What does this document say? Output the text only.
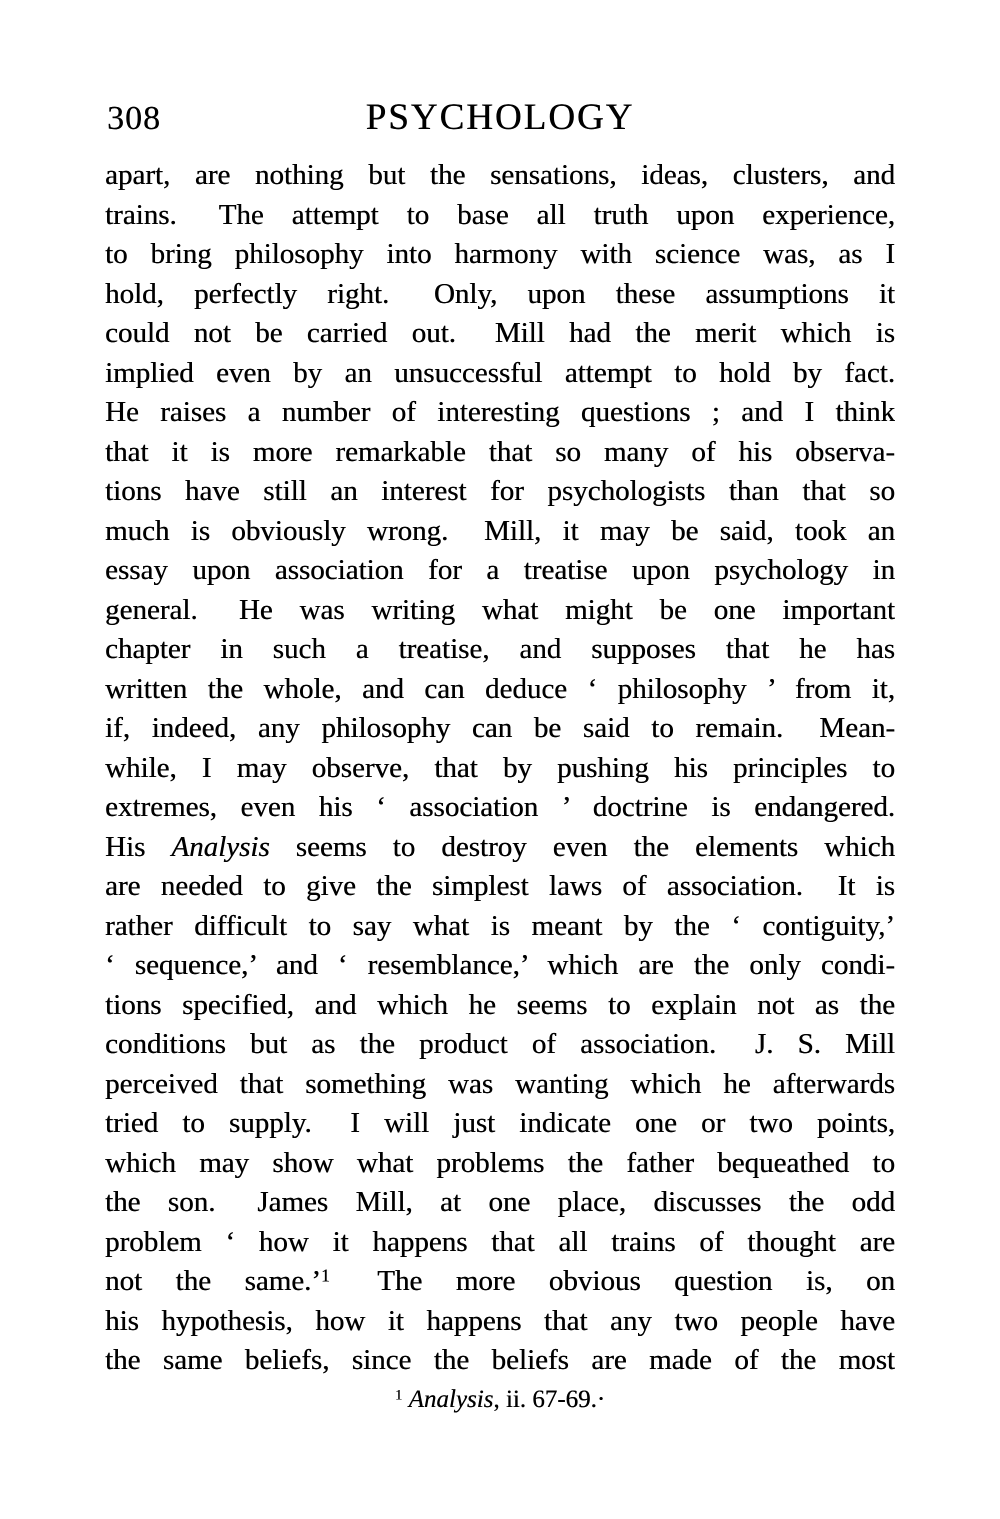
308	PSYCHOLOGY
apart, are nothing but the sensations, ideas, clusters, and
trains.  The attempt to base all truth upon experience,
to bring philosophy into harmony with science was, as I
hold, perfectly right.  Only, upon these assumptions it
could not be carried out.  Mill had the merit which is
implied even by an unsuccessful attempt to hold by fact.
He raises a number of interesting questions ; and I think
that it is more remarkable that so many of his observa-
tions have still an interest for psychologists than that so
much is obviously wrong.  Mill, it may be said, took an
essay upon association for a treatise upon psychology in
general.  He was writing what might be one important
chapter in such a treatise, and supposes that he has
written the whole, and can deduce ‘ philosophy ’ from it,
if, indeed, any philosophy can be said to remain.  Mean-
while, I may observe, that by pushing his principles to
extremes, even his ‘ association ’ doctrine is endangered.
His Analysis seems to destroy even the elements which
are needed to give the simplest laws of association.  It is
rather difficult to say what is meant by the ‘ contiguity,’
‘ sequence,’ and ‘ resemblance,’ which are the only condi-
tions specified, and which he seems to explain not as the
conditions but as the product of association.  J. S. Mill
perceived that something was wanting which he afterwards
tried to supply.  I will just indicate one or two points,
which may show what problems the father bequeathed to
the son.  James Mill, at one place, discusses the odd
problem ‘ how it happens that all trains of thought are
not the same.’$^1$  The more obvious question is, on
his hypothesis, how it happens that any two people have
the same beliefs, since the beliefs are made of the most
$^1$ Analysis, ii. 67-69.·
